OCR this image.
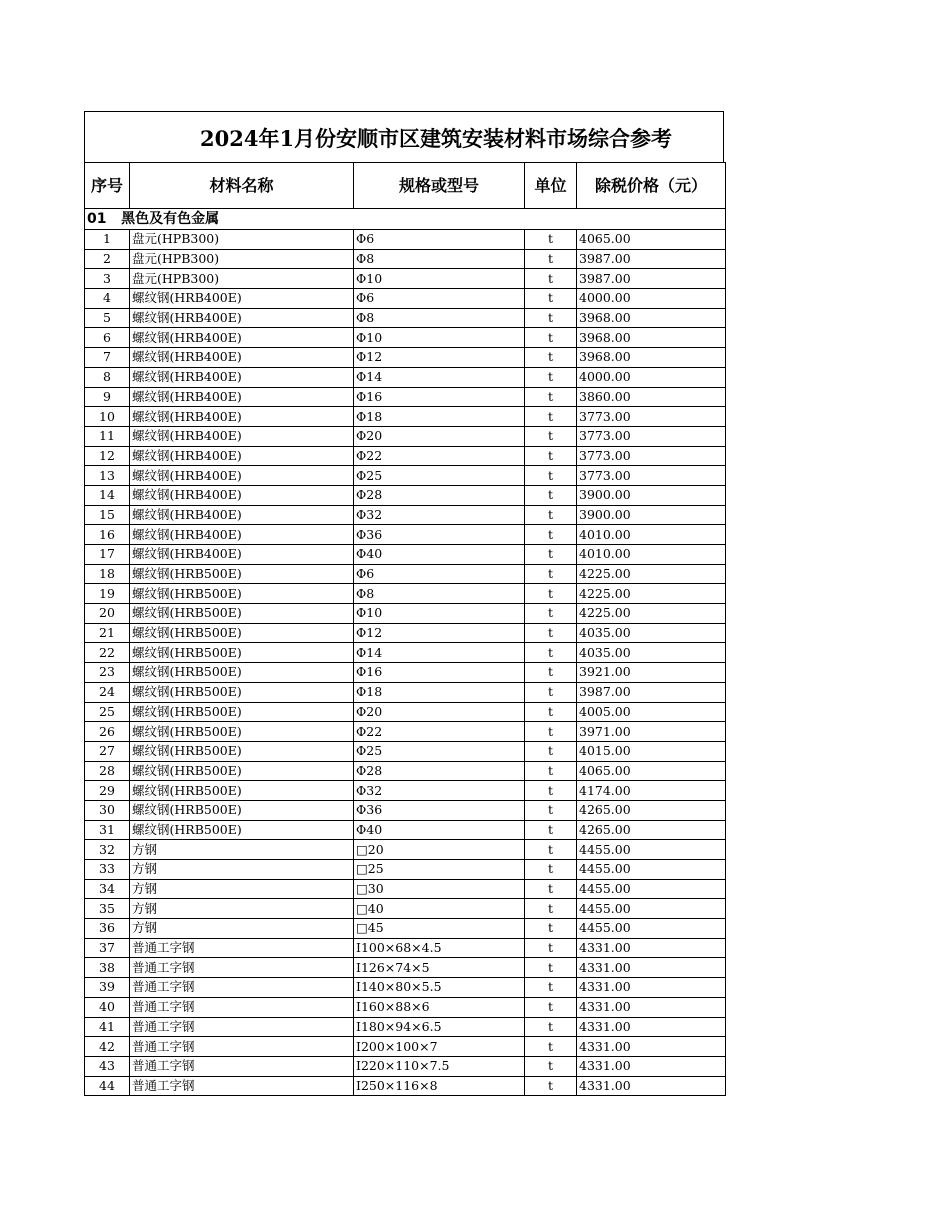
2024年1月份安顺市区建筑安装材料市场综合参考
序号	材料名称	规格或型号	单位	除税价格（元）
01 黑色及有色金属				
1	盘元(HPB300)	Φ6	t	4065.00
2	盘元(HPB300)	Φ8	t	3987.00
3	盘元(HPB300)	Φ10	t	3987.00
4	螺纹钢(HRB400E)	Φ6	t	4000.00
5	螺纹钢(HRB400E)	Φ8	t	3968.00
6	螺纹钢(HRB400E)	Φ10	t	3968.00
7	螺纹钢(HRB400E)	Φ12	t	3968.00
8	螺纹钢(HRB400E)	Φ14	t	4000.00
9	螺纹钢(HRB400E)	Φ16	t	3860.00
10	螺纹钢(HRB400E)	Φ18	t	3773.00
11	螺纹钢(HRB400E)	Φ20	t	3773.00
12	螺纹钢(HRB400E)	Φ22	t	3773.00
13	螺纹钢(HRB400E)	Φ25	t	3773.00
14	螺纹钢(HRB400E)	Φ28	t	3900.00
15	螺纹钢(HRB400E)	Φ32	t	3900.00
16	螺纹钢(HRB400E)	Φ36	t	4010.00
17	螺纹钢(HRB400E)	Φ40	t	4010.00
18	螺纹钢(HRB500E)	Φ6	t	4225.00
19	螺纹钢(HRB500E)	Φ8	t	4225.00
20	螺纹钢(HRB500E)	Φ10	t	4225.00
21	螺纹钢(HRB500E)	Φ12	t	4035.00
22	螺纹钢(HRB500E)	Φ14	t	4035.00
23	螺纹钢(HRB500E)	Φ16	t	3921.00
24	螺纹钢(HRB500E)	Φ18	t	3987.00
25	螺纹钢(HRB500E)	Φ20	t	4005.00
26	螺纹钢(HRB500E)	Φ22	t	3971.00
27	螺纹钢(HRB500E)	Φ25	t	4015.00
28	螺纹钢(HRB500E)	Φ28	t	4065.00
29	螺纹钢(HRB500E)	Φ32	t	4174.00
30	螺纹钢(HRB500E)	Φ36	t	4265.00
31	螺纹钢(HRB500E)	Φ40	t	4265.00
32	方钢	□20	t	4455.00
33	方钢	□25	t	4455.00
34	方钢	□30	t	4455.00
35	方钢	□40	t	4455.00
36	方钢	□45	t	4455.00
37	普通工字钢	I100×68×4.5	t	4331.00
38	普通工字钢	I126×74×5	t	4331.00
39	普通工字钢	I140×80×5.5	t	4331.00
40	普通工字钢	I160×88×6	t	4331.00
41	普通工字钢	I180×94×6.5	t	4331.00
42	普通工字钢	I200×100×7	t	4331.00
43	普通工字钢	I220×110×7.5	t	4331.00
44	普通工字钢	I250×116×8	t	4331.00
